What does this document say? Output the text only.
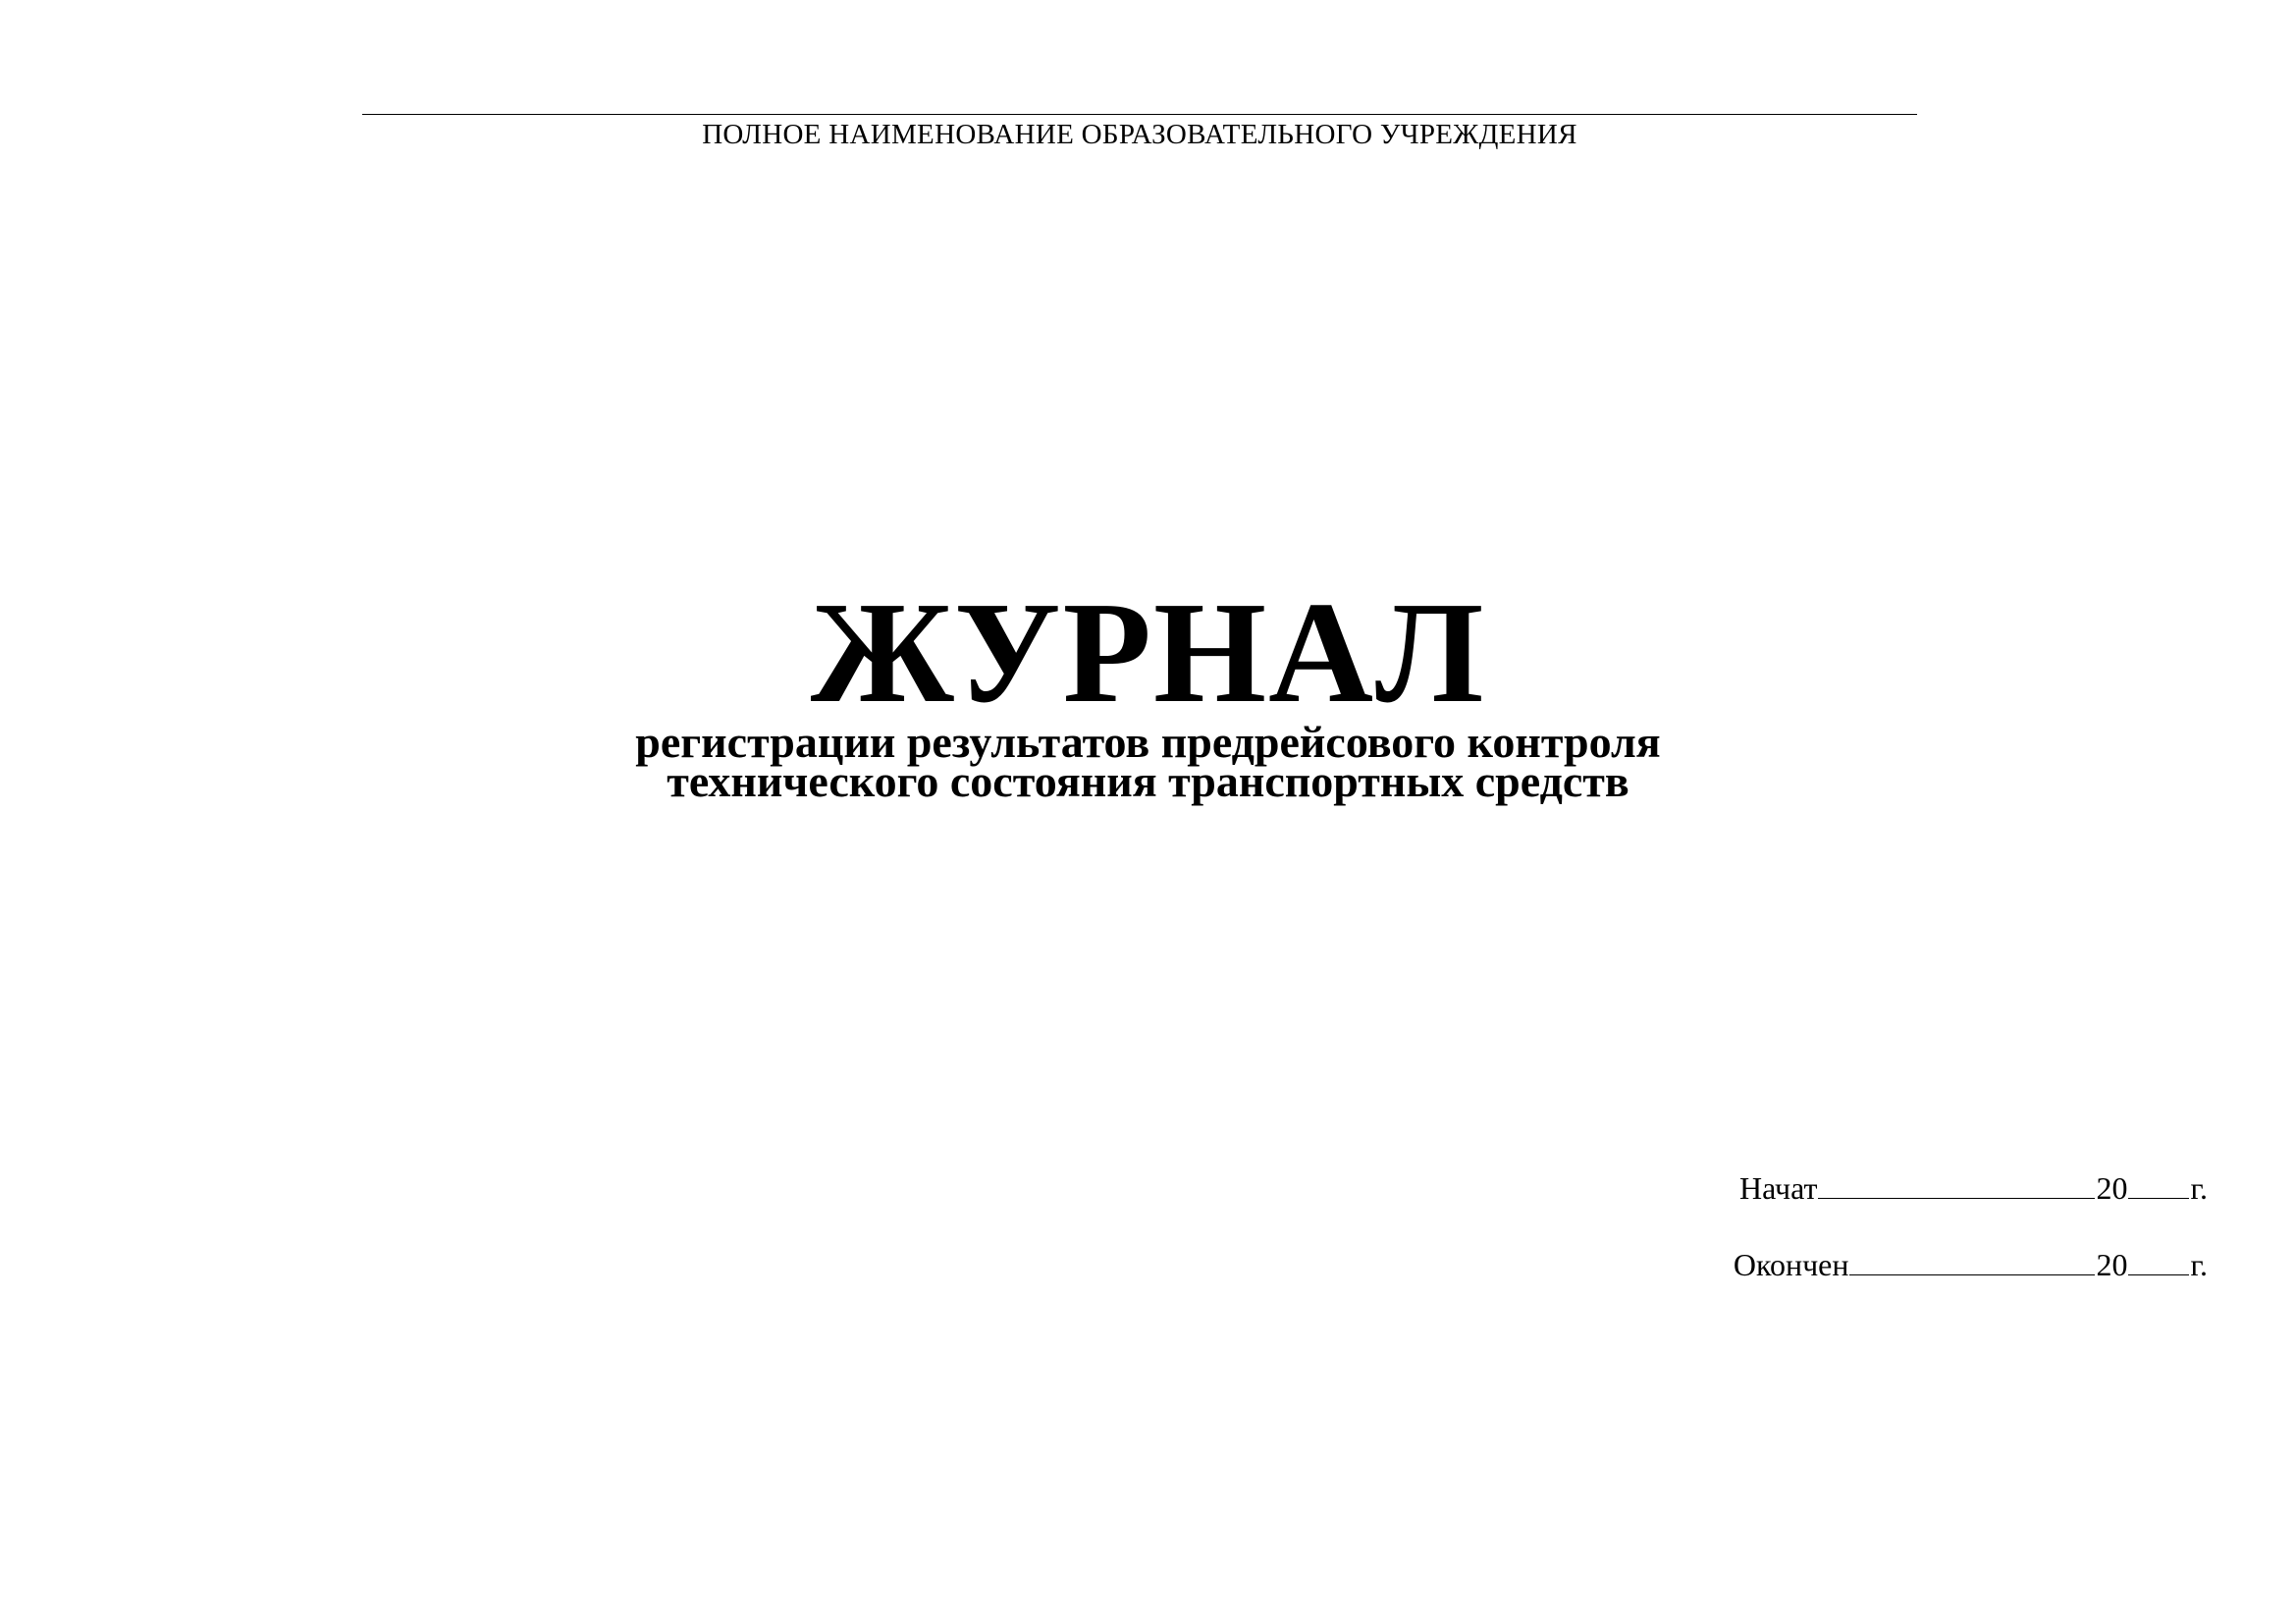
ПОЛНОЕ НАИМЕНОВАНИЕ ОБРАЗОВАТЕЛЬНОГО УЧРЕЖДЕНИЯ
ЖУРНАЛ
регистрации результатов предрейсового контроля
технического состояния транспортных средств
Начат	20 г.
Окончен	20 г.
